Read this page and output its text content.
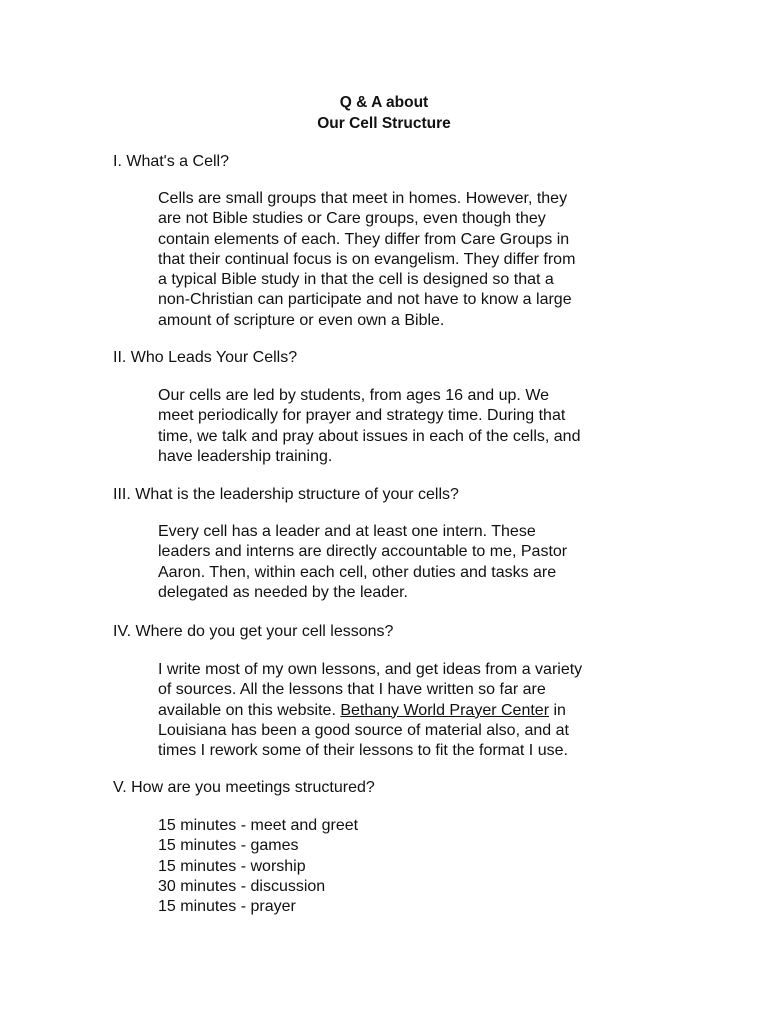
Q & A about
Our Cell Structure

I. What's a Cell?

Cells are small groups that meet in homes. However, they
are not Bible studies or Care groups, even though they
contain elements of each. They differ from Care Groups in
that their continual focus is on evangelism. They differ from
a typical Bible study in that the cell is designed so that a
non-Christian can participate and not have to know a large
amount of scripture or even own a Bible.

II. Who Leads Your Cells?

Our cells are led by students, from ages 16 and up. We
meet periodically for prayer and strategy time. During that
time, we talk and pray about issues in each of the cells, and
have leadership training.

III. What is the leadership structure of your cells?

Every cell has a leader and at least one intern. These
leaders and interns are directly accountable to me, Pastor
Aaron. Then, within each cell, other duties and tasks are
delegated as needed by the leader.

IV. Where do you get your cell lessons?

I write most of my own lessons, and get ideas from a variety
of sources. All the lessons that I have written so far are
available on this website. Bethany World Prayer Center in
Louisiana has been a good source of material also, and at
times I rework some of their lessons to fit the format I use.

V. How are you meetings structured?

15 minutes - meet and greet
15 minutes - games
15 minutes - worship
30 minutes - discussion
15 minutes - prayer
